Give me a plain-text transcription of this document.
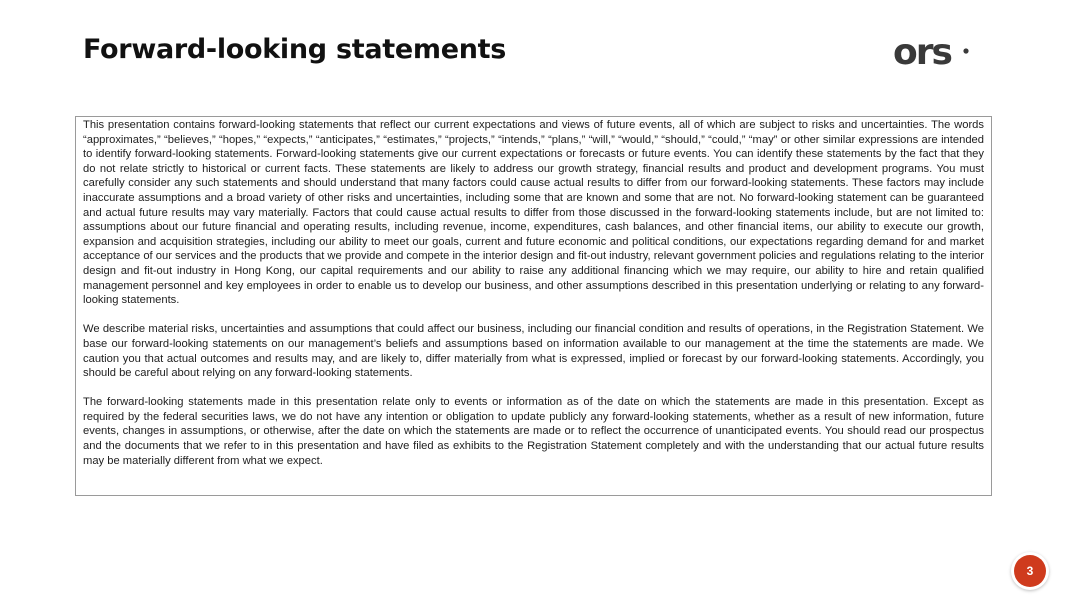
Forward-looking statements	ors

This presentation contains forward-looking statements that reflect our current expectations and views of future events, all of which are subject to risks and uncertainties. The words “approximates,” “believes,” “hopes,” “expects,” “anticipates,” “estimates,” “projects,” “intends,” “plans,” “will,” “would,” “should,” “could,” “may” or other similar expressions are intended to identify forward-looking statements. Forward-looking statements give our current expectations or forecasts or future events. You can identify these statements by the fact that they do not relate strictly to historical or current facts. These statements are likely to address our growth strategy, financial results and product and development programs. You must carefully consider any such statements and should understand that many factors could cause actual results to differ from our forward-looking statements. These factors may include inaccurate assumptions and a broad variety of other risks and uncertainties, including some that are known and some that are not. No forward-looking statement can be guaranteed and actual future results may vary materially. Factors that could cause actual results to differ from those discussed in the forward-looking statements include, but are not limited to: assumptions about our future financial and operating results, including revenue, income, expenditures, cash balances, and other financial items, our ability to execute our growth, expansion and acquisition strategies, including our ability to meet our goals, current and future economic and political conditions, our expectations regarding demand for and market acceptance of our services and the products that we provide and compete in the interior design and fit-out industry, relevant government policies and regulations relating to the interior design and fit-out industry in Hong Kong, our capital requirements and our ability to raise any additional financing which we may require, our ability to hire and retain qualified management personnel and key employees in order to enable us to develop our business, and other assumptions described in this presentation underlying or relating to any forward-looking statements.

We describe material risks, uncertainties and assumptions that could affect our business, including our financial condition and results of operations, in the Registration Statement. We base our forward-looking statements on our management’s beliefs and assumptions based on information available to our management at the time the statements are made. We caution you that actual outcomes and results may, and are likely to, differ materially from what is expressed, implied or forecast by our forward-looking statements. Accordingly, you should be careful about relying on any forward-looking statements.

The forward-looking statements made in this presentation relate only to events or information as of the date on which the statements are made in this presentation. Except as required by the federal securities laws, we do not have any intention or obligation to update publicly any forward-looking statements, whether as a result of new information, future events, changes in assumptions, or otherwise, after the date on which the statements are made or to reflect the occurrence of unanticipated events. You should read our prospectus and the documents that we refer to in this presentation and have filed as exhibits to the Registration Statement completely and with the understanding that our actual future results may be materially different from what we expect.

3
